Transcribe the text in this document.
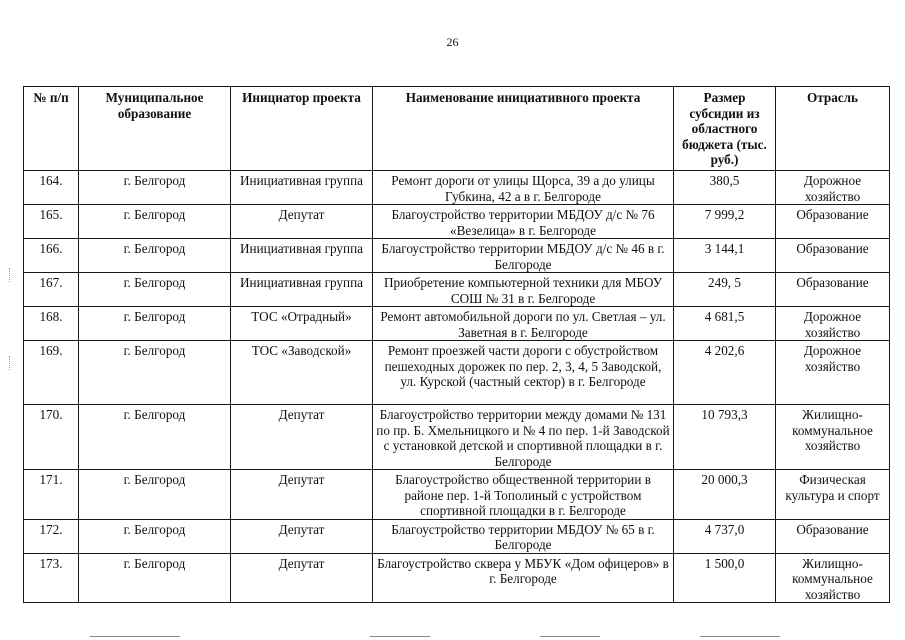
26
№ п/п	Муниципальное образование	Инициатор проекта	Наименование инициативного проекта	Размер субсидии из областного бюджета (тыс. руб.)	Отрасль
164.	г. Белгород	Инициативная группа	Ремонт дороги от улицы Щорса, 39 а до улицы Губкина, 42 а в г. Белгороде	380,5	Дорожное хозяйство
165.	г. Белгород	Депутат	Благоустройство территории МБДОУ д/с № 76 «Везелица» в г. Белгороде	7 999,2	Образование
166.	г. Белгород	Инициативная группа	Благоустройство территории МБДОУ д/с № 46 в г. Белгороде	3 144,1	Образование
167.	г. Белгород	Инициативная группа	Приобретение компьютерной техники для МБОУ СОШ № 31 в г. Белгороде	249, 5	Образование
168.	г. Белгород	ТОС «Отрадный»	Ремонт автомобильной дороги по ул. Светлая – ул. Заветная в г. Белгороде	4 681,5	Дорожное хозяйство
169.	г. Белгород	ТОС «Заводской»	Ремонт проезжей части дороги с обустройством пешеходных дорожек по пер. 2, 3, 4, 5 Заводской, ул. Курской (частный сектор) в г. Белгороде	4 202,6	Дорожное хозяйство
170.	г. Белгород	Депутат	Благоустройство территории между домами № 131 по пр. Б. Хмельницкого и № 4 по пер. 1-й Заводской с установкой детской и спортивной площадки в г. Белгороде	10 793,3	Жилищно-коммунальное хозяйство
171.	г. Белгород	Депутат	Благоустройство общественной территории в районе пер. 1-й Тополиный с устройством спортивной площадки в г. Белгороде	20 000,3	Физическая культура и спорт
172.	г. Белгород	Депутат	Благоустройство территории МБДОУ № 65 в г. Белгороде	4 737,0	Образование
173.	г. Белгород	Депутат	Благоустройство сквера у МБУК «Дом офицеров» в г. Белгороде	1 500,0	Жилищно-коммунальное хозяйство
